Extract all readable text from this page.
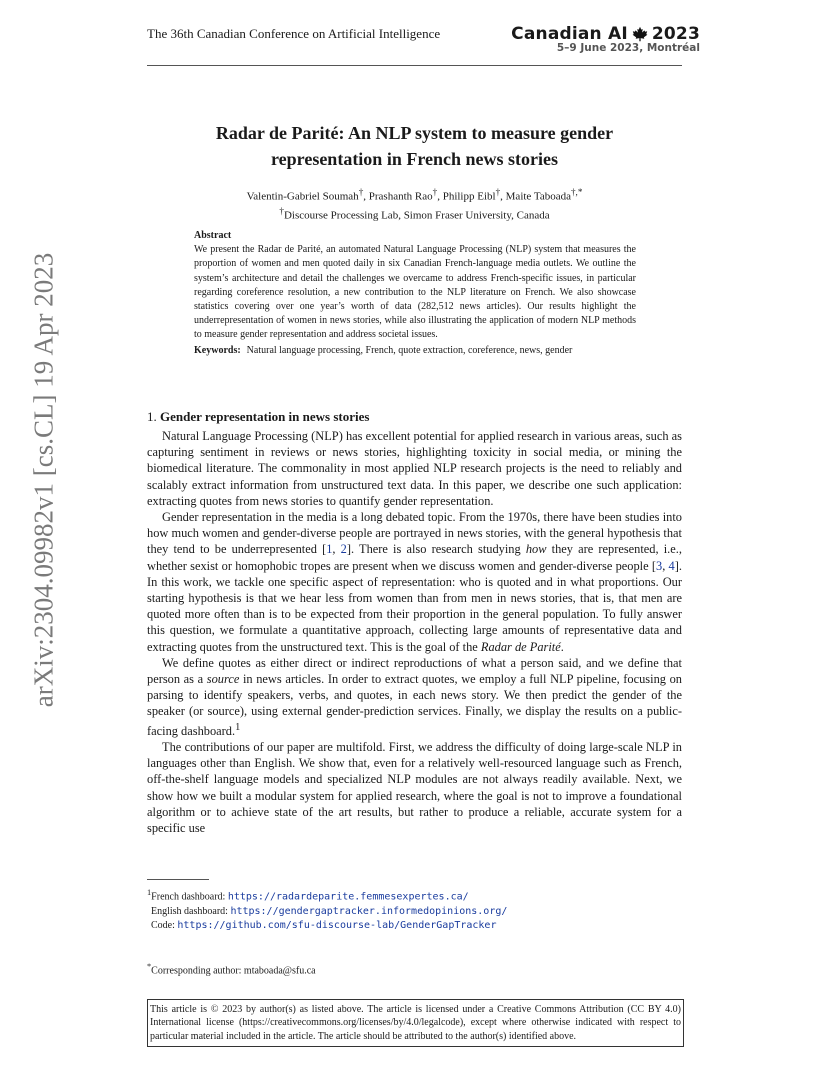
The 36th Canadian Conference on Artificial Intelligence	Canadian AI 2023
5–9 June 2023, Montréal
arXiv:2304.09982v1 [cs.CL] 19 Apr 2023
Radar de Parité: An NLP system to measure gender
representation in French news stories
Valentin-Gabriel Soumah†, Prashanth Rao†, Philipp Eibl†, Maite Taboada†,*
†Discourse Processing Lab, Simon Fraser University, Canada
Abstract
We present the Radar de Parité, an automated Natural Language Processing (NLP) system that measures the proportion of women and men quoted daily in six Canadian French-language media outlets. We outline the system’s architecture and detail the challenges we overcame to address French-specific issues, in particular regarding coreference resolution, a new contribution to the NLP literature on French. We also showcase statistics covering over one year’s worth of data (282,512 news articles). Our results highlight the underrepresentation of women in news stories, while also illustrating the application of modern NLP methods to measure gender representation and address societal issues.
Keywords: Natural language processing, French, quote extraction, coreference, news, gender
1. Gender representation in news stories

Natural Language Processing (NLP) has excellent potential for applied research in various areas, such as capturing sentiment in reviews or news stories, highlighting toxicity in social media, or mining the biomedical literature. The commonality in most applied NLP research projects is the need to reliably and scalably extract information from unstructured text data. In this paper, we describe one such application: extracting quotes from news stories to quantify gender representation.

Gender representation in the media is a long debated topic. From the 1970s, there have been studies into how much women and gender-diverse people are portrayed in news stories, with the general hypothesis that they tend to be underrepresented [1, 2]. There is also research studying how they are represented, i.e., whether sexist or homophobic tropes are present when we discuss women and gender-diverse people [3, 4]. In this work, we tackle one specific aspect of representation: who is quoted and in what proportions. Our starting hypothesis is that we hear less from women than from men in news stories, that is, that men are quoted more often than is to be expected from their proportion in the general population. To fully answer this question, we formulate a quantitative approach, collecting large amounts of representative data and extracting quotes from the unstructured text. This is the goal of the Radar de Parité.

We define quotes as either direct or indirect reproductions of what a person said, and we define that person as a source in news articles. In order to extract quotes, we employ a full NLP pipeline, focusing on parsing to identify speakers, verbs, and quotes, in each news story. We then predict the gender of the speaker (or source), using external gender-prediction services. Finally, we display the results on a public-facing dashboard.$^1$

The contributions of our paper are multifold. First, we address the difficulty of doing large-scale NLP in languages other than English. We show that, even for a relatively well-resourced language such as French, off-the-shelf language models and specialized NLP modules are not always readily available. Next, we show how we built a modular system for applied research, where the goal is not to improve a foundational algorithm or to achieve state of the art results, but rather to produce a reliable, accurate system for a specific use

$^1$French dashboard: https://radardeparite.femmesexpertes.ca/
English dashboard: https://gendergaptracker.informedopinions.org/
Code: https://github.com/sfu-discourse-lab/GenderGapTracker
*Corresponding author: mtaboada@sfu.ca
This article is © 2023 by author(s) as listed above. The article is licensed under a Creative Commons Attribution (CC BY 4.0) International license (https://creativecommons.org/licenses/by/4.0/legalcode), except where otherwise indicated with respect to particular material included in the article. The article should be attributed to the author(s) identified above.
